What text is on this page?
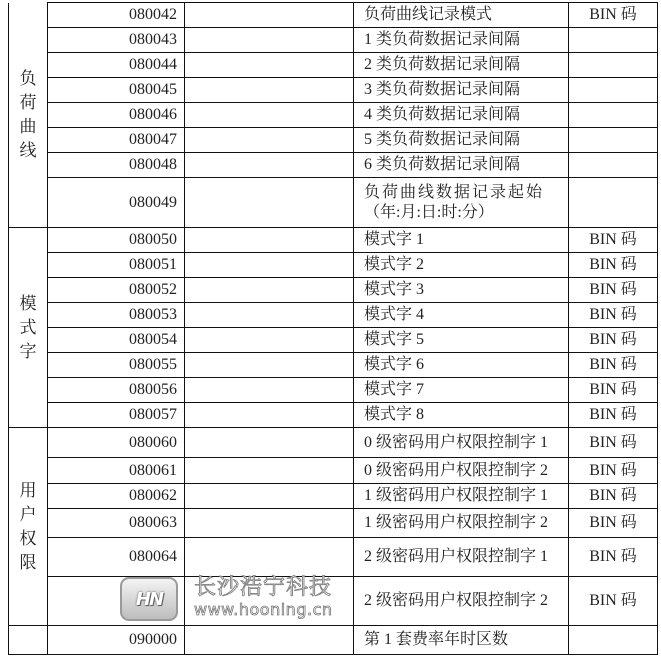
负荷曲线	080042		负荷曲线记录模式	BIN 码
	080043		1 类负荷数据记录间隔	
	080044		2 类负荷数据记录间隔	
	080045		3 类负荷数据记录间隔	
	080046		4 类负荷数据记录间隔	
	080047		5 类负荷数据记录间隔	
	080048		6 类负荷数据记录间隔	
	080049		负荷曲线数据记录起始
（年:月:日:时:分）	

模式字	080050		模式字 1	BIN 码
	080051		模式字 2	BIN 码
	080052		模式字 3	BIN 码
	080053		模式字 4	BIN 码
	080054		模式字 5	BIN 码
	080055		模式字 6	BIN 码
	080056		模式字 7	BIN 码
	080057		模式字 8	BIN 码
用户权限	080060		0 级密码用户权限控制字 1	BIN 码
	080061		0 级密码用户权限控制字 2	BIN 码
	080062		1 级密码用户权限控制字 1	BIN 码
	080063		1 级密码用户权限控制字 2	BIN 码
	080064		2 级密码用户权限控制字 1	BIN 码
			2 级密码用户权限控制字 2	BIN 码
	090000		第 1 套费率年时区数	
HN 长沙浩宁科技
www.hooning.cn
